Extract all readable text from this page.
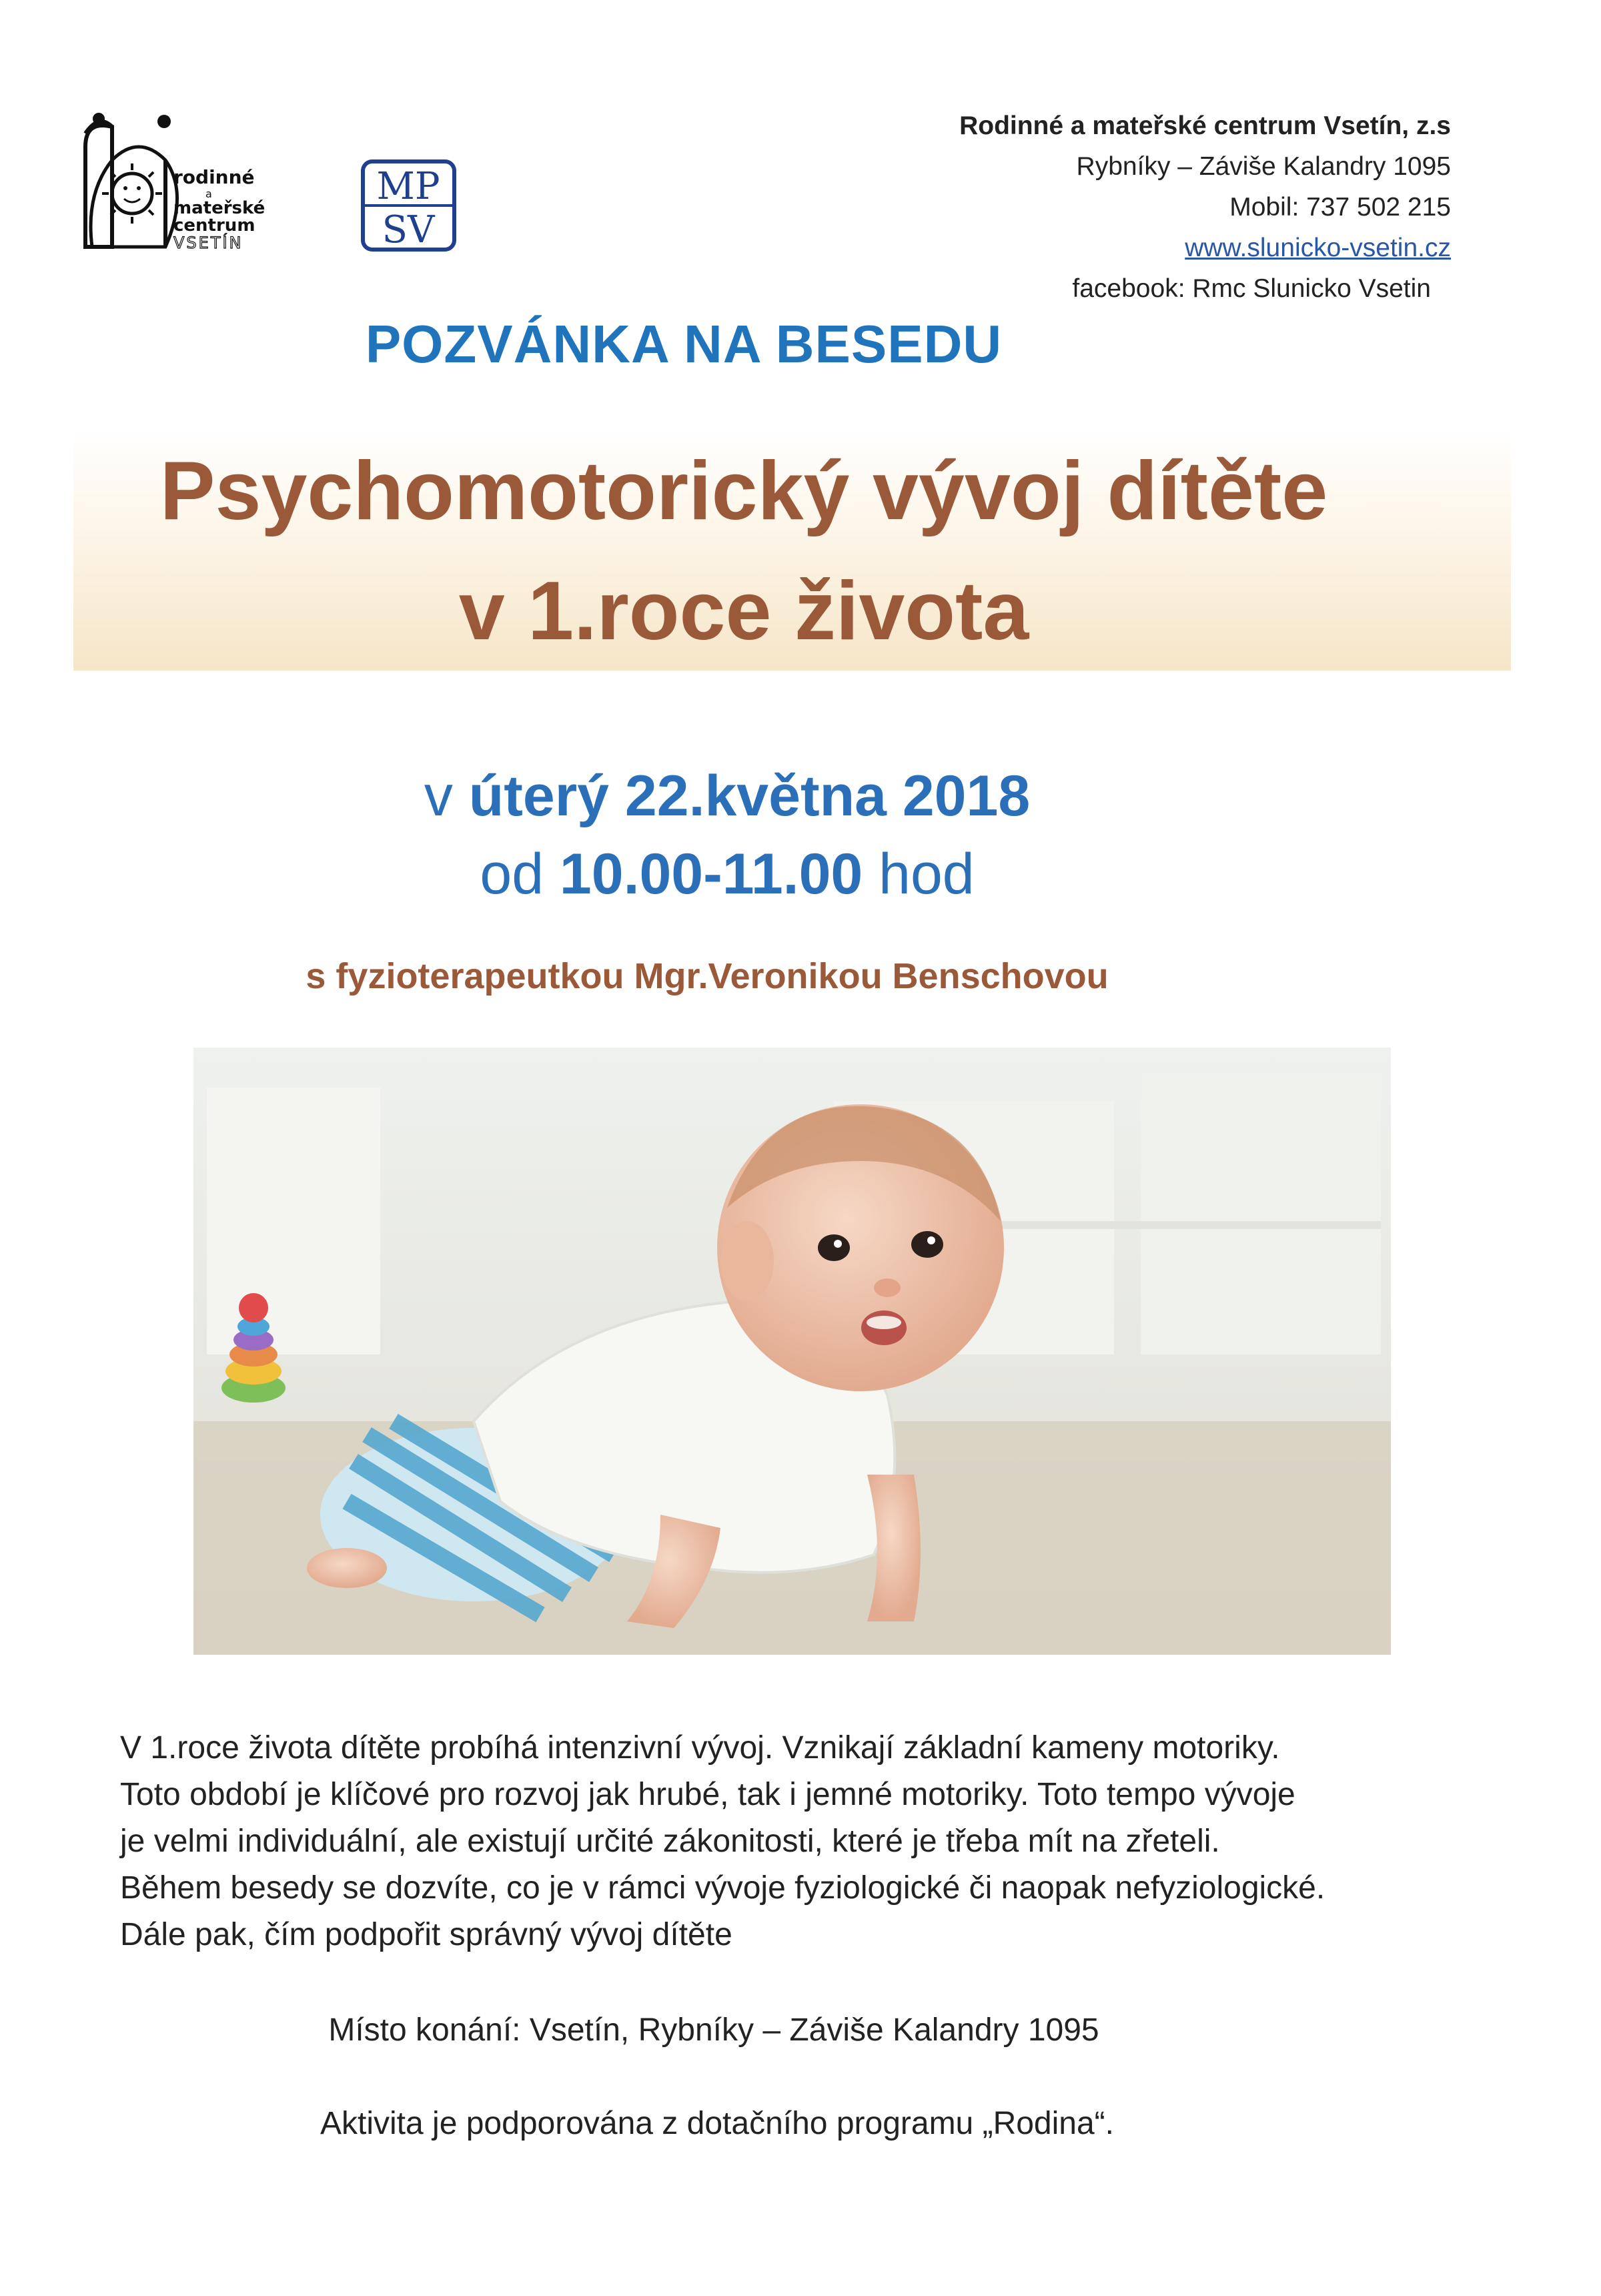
rodinné
a
mateřské
centrum
VSETÍN
MP
SV
Rodinné a mateřské centrum Vsetín, z.s
Rybníky – Záviše Kalandry 1095
Mobil: 737 502 215
www.slunicko-vsetin.cz
facebook: Rmc Slunicko Vsetin
POZVÁNKA NA BESEDU
Psychomotorický vývoj dítěte
v 1.roce života
v úterý 22.května 2018
od 10.00-11.00 hod
s fyzioterapeutkou Mgr.Veronikou Benschovou

V 1.roce života dítěte probíhá intenzivní vývoj. Vznikají základní kameny motoriky.

Toto období je klíčové pro rozvoj jak hrubé, tak i jemné motoriky. Toto tempo vývoje

je velmi individuální, ale existují určité zákonitosti, které je třeba mít na zřeteli.

Během besedy se dozvíte, co je v rámci vývoje fyziologické či naopak nefyziologické.

Dále pak, čím podpořit správný vývoj dítěte

Místo konání: Vsetín, Rybníky – Záviše Kalandry 1095
Aktivita je podporována z dotačního programu „Rodina“.
